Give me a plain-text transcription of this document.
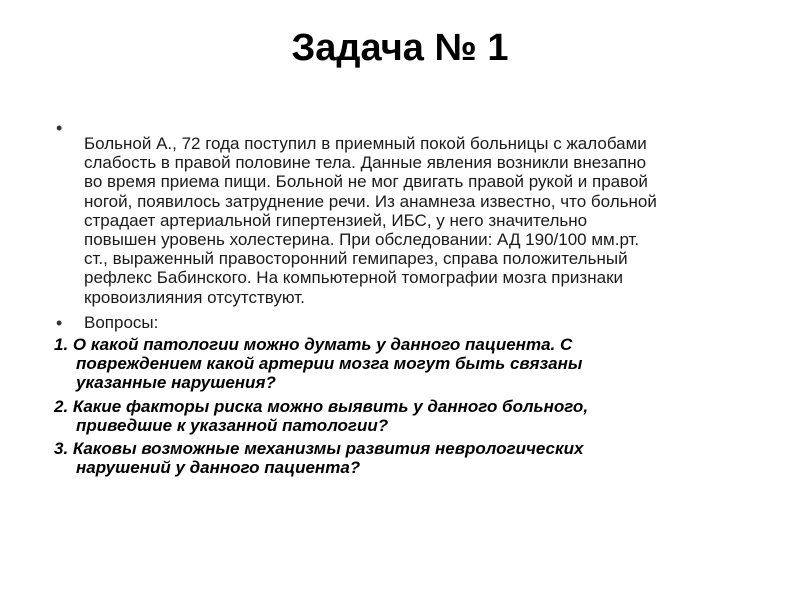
Задача № 1
•
Больной А., 72 года поступил в приемный покой больницы с жалобами
слабость в правой половине тела. Данные явления возникли внезапно
во время приема пищи. Больной не мог двигать правой рукой и правой
ногой, появилось затруднение речи. Из анамнеза известно, что больной
страдает артериальной гипертензией, ИБС, у него значительно
повышен уровень холестерина. При обследовании: АД 190/100 мм.рт.
ст., выраженный правосторонний гемипарез, справа положительный
рефлекс Бабинского. На компьютерной томографии мозга признаки
кровоизлияния отсутствуют.
• Вопросы:
1. О какой патологии можно думать у данного пациента. С
повреждением какой артерии мозга могут быть связаны
указанные нарушения?
2. Какие факторы риска можно выявить у данного больного,
приведшие к указанной патологии?
3. Каковы возможные механизмы развития неврологических
нарушений у данного пациента?
